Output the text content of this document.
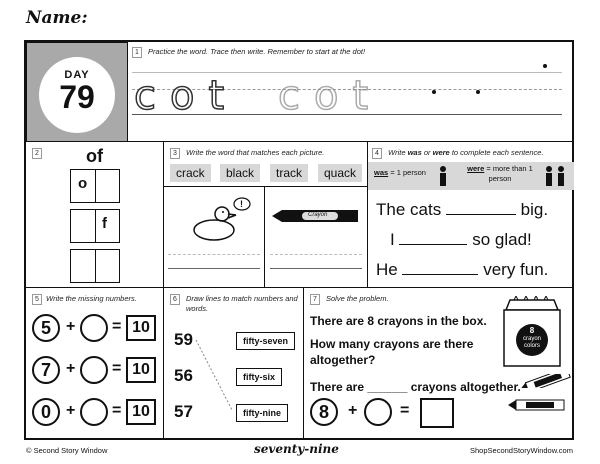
Name:
DAY
79
1	Practice the word. Trace then write. Remember to start at the dot!
cot cot
2	of
o
f
3	Write the word that matches each picture.
crack	black	track	quack
!
Crayon
4	Write was or were to complete each sentence.
was = 1 person	were = more than 1 person
The cats	big.
I	so glad!
He	very fun.
5 Write the missing numbers.
5 + = 10
7 + = 10
0 + = 10
6	Draw lines to match numbers and words.
59
56
57
fifty-seven
fifty-six
fifty-nine
7	Solve the problem.
There are 8 crayons in the box.
How many crayons are there altogether?
There are ______ crayons altogether.
8
crayon colors
8	+	=
© Second Story Window	seventy-nine	ShopSecondStoryWindow.com
